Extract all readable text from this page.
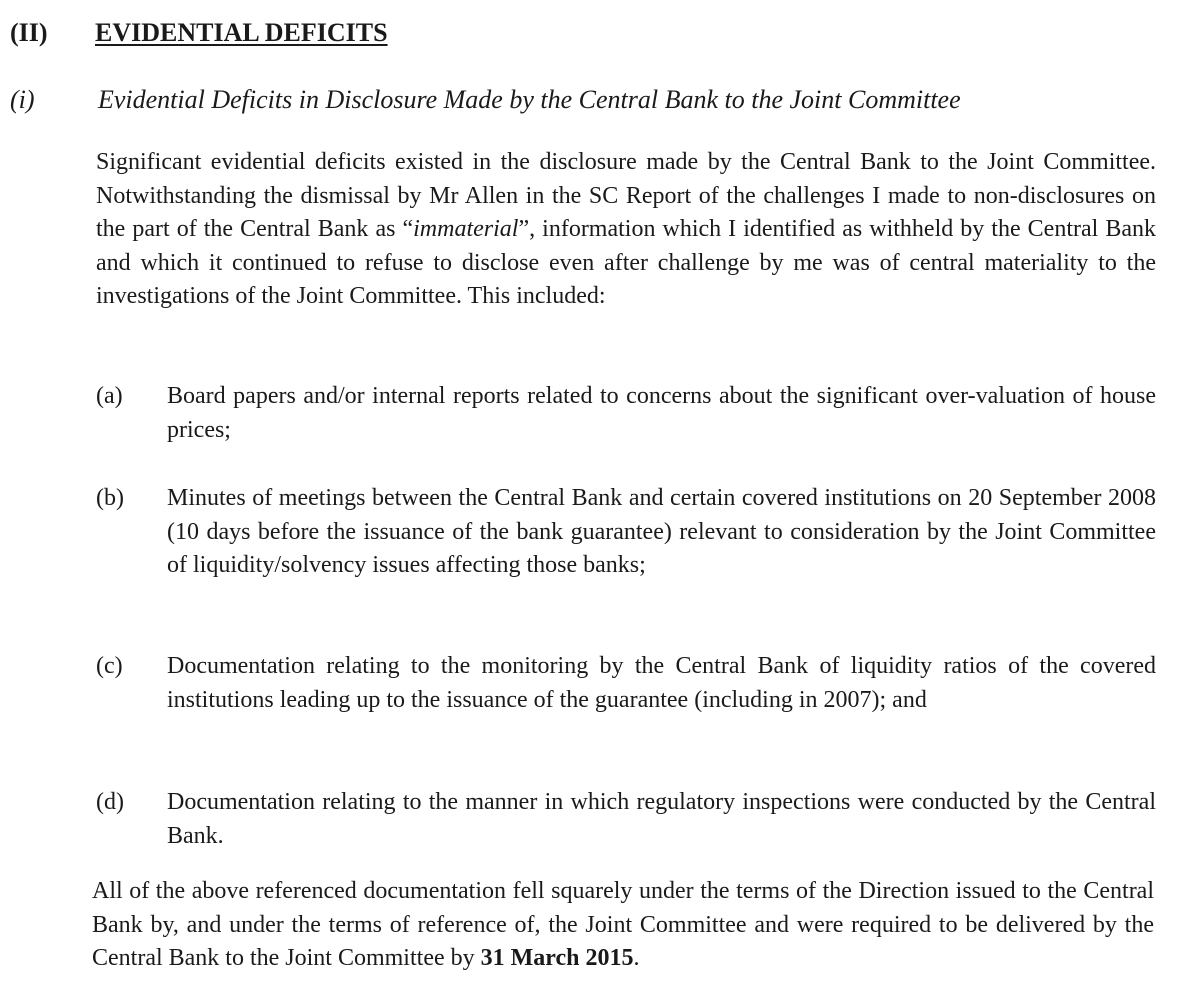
(II) EVIDENTIAL DEFICITS
(i) Evidential Deficits in Disclosure Made by the Central Bank to the Joint Committee
Significant evidential deficits existed in the disclosure made by the Central Bank to the Joint Committee. Notwithstanding the dismissal by Mr Allen in the SC Report of the challenges I made to non-disclosures on the part of the Central Bank as “immaterial”, information which I identified as withheld by the Central Bank and which it continued to refuse to disclose even after challenge by me was of central materiality to the investigations of the Joint Committee. This included:
(a)	Board papers and/or internal reports related to concerns about the significant over-valuation of house prices;
(b)	Minutes of meetings between the Central Bank and certain covered institutions on 20 September 2008 (10 days before the issuance of the bank guarantee) relevant to consideration by the Joint Committee of liquidity/solvency issues affecting those banks;
(c)	Documentation relating to the monitoring by the Central Bank of liquidity ratios of the covered institutions leading up to the issuance of the guarantee (including in 2007); and
(d)	Documentation relating to the manner in which regulatory inspections were conducted by the Central Bank.
All of the above referenced documentation fell squarely under the terms of the Direction issued to the Central Bank by, and under the terms of reference of, the Joint Committee and were required to be delivered by the Central Bank to the Joint Committee by 31 March 2015.
